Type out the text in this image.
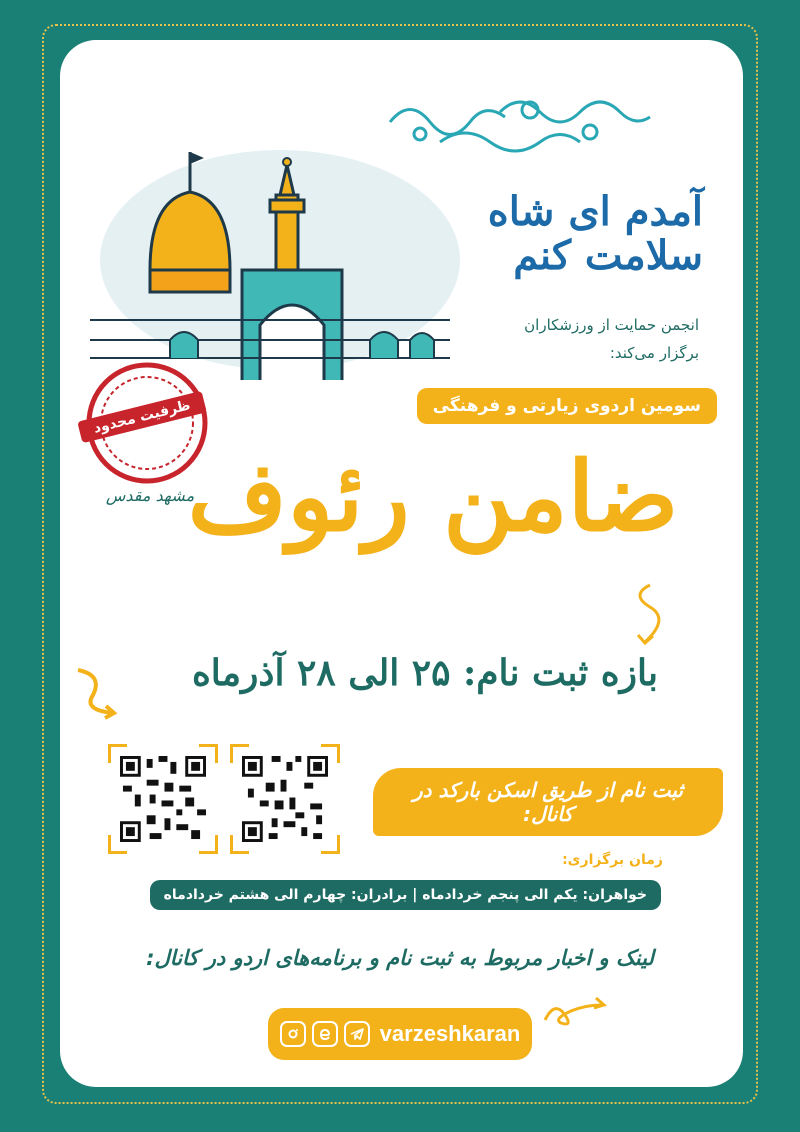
آمدم ای شاه سلامت کنم
انجمن حمایت از ورزشکاران
برگزار می‌کند:
سومین اردوی زیارتی و فرهنگی
ظرفیت محدود
ضامن رئوف
مشهد مقدس
بازه ثبت نام: ۲۵ الی ۲۸ آذرماه
ثبت نام از طریق اسکن بارکد در کانال:
زمان برگزاری:
خواهران: یکم الی پنجم خردادماه | برادران: چهارم الی هشتم خردادماه
لینک و اخبار مربوط به ثبت نام و برنامه‌های اردو در کانال:
varzeshkaran
